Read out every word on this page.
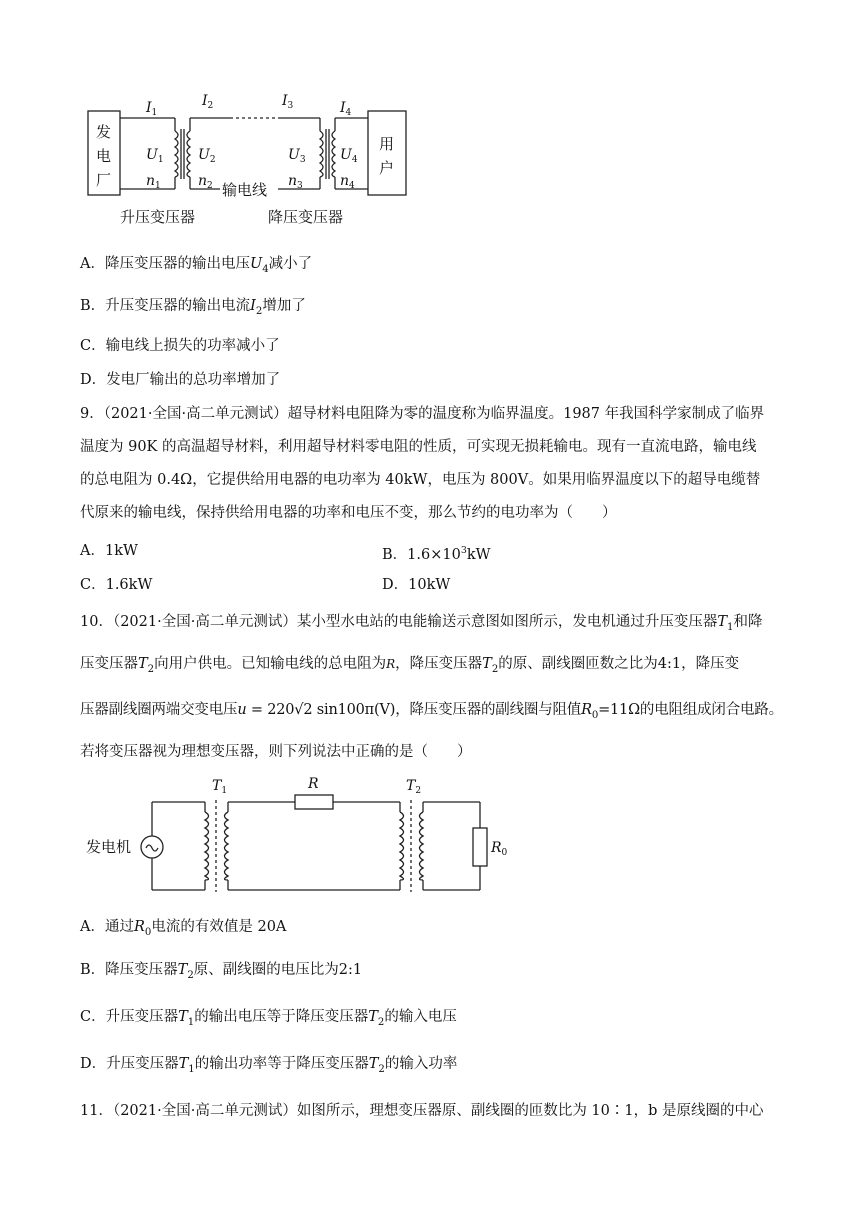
发
电
厂
用
户
$I_1$
$I_2$	$I_3$	$I_4$
$U_1$ $U_2$	$U_3$ $U_4$
$n_1$	$n_2$	$n_3$	$n_4$
输电线
升压变压器	降压变压器
A．降压变压器的输出电压$U_4$减小了
B．升压变压器的输出电流$I_2$增加了
C．输电线上损失的功率减小了
D．发电厂输出的总功率增加了
9．（2021·全国·高二单元测试）超导材料电阻降为零的温度称为临界温度。1987 年我国科学家制成了临界
温度为 90K 的高温超导材料，利用超导材料零电阻的性质，可实现无损耗输电。现有一直流电路，输电线
的总电阻为 0.4Ω，它提供给用电器的电功率为 40kW，电压为 800V。如果用临界温度以下的超导电缆替
代原来的输电线，保持供给用电器的功率和电压不变，那么节约的电功率为（　　）
A．1kW	B．$1.6\times 10^3kW$
C．1.6kW	D．10kW
10．（2021·全国·高二单元测试）某小型水电站的电能输送示意图如图所示，发电机通过升压变压器$T_1$和降
压变压器$T_2$向用户供电。已知输电线的总电阻为R，降压变压器$T_2$的原、副线圈匝数之比为4:1，降压变
压器副线圈两端交变电压u = 220√2 sin100π(V)，降压变压器的副线圈与阻值$R_0=11\Omega$的电阻组成闭合电路。
若将变压器视为理想变压器，则下列说法中正确的是（　　）
发电机
$T_1$	$T_2$
R
$R_0$
A．通过$R_0$电流的有效值是 20A
B．降压变压器$T_2$原、副线圈的电压比为2:1
C．升压变压器$T_1$的输出电压等于降压变压器$T_2$的输入电压
D．升压变压器$T_1$的输出功率等于降压变压器$T_2$的输入功率
11．（2021·全国·高二单元测试）如图所示，理想变压器原、副线圈的匝数比为 10∶1，b 是原线圈的中心
